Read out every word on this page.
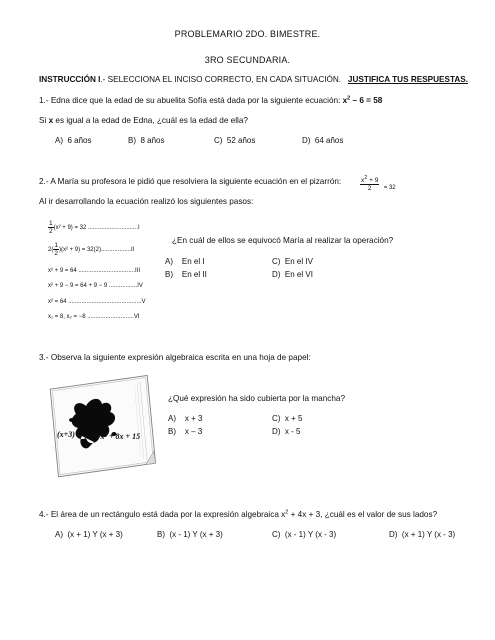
PROBLEMARIO 2DO. BIMESTRE.
3RO SECUNDARIA.
INSTRUCCIÓN I.- SELECCIONA EL INCISO CORRECTO, EN CADA SITUACIÓN. JUSTIFICA TUS RESPUESTAS.
1.- Edna dice que la edad de su abuelita Sofía está dada por la siguiente ecuación: $x^2 - 6 = 58$
Si x es igual a la edad de Edna, ¿cuál es la edad de ella?
A) 6 años	B) 8 años	C) 52 años	D) 64 años
2.- A María su profesora le pidió que resolviera la siguiente ecuación en el pizarrón:	$\frac{x^2 + 9}{2} = 32$
Al ir desarrollando la ecuación realizó los siguientes pasos:
$\frac{1}{2} (x^2 + 9) = 32$ ..............................I
$2( \frac{1}{2} )(x^2 + 9) = 32(2)..................II$
x² + 9 = 64 ..................................III
x² + 9 − 9 = 64 + 9 − 9 .................IV
x² = 64 ............................................V
x₁ = 8, x₂ = −8 ............................VI
¿En cuál de ellos se equivocó María al realizar la operación?
A) En el I
B) En el II
C) En el IV
D) En el VI
3.- Observa la siguiente expresión algebraica escrita en una hoja de papel:
(x+3) = x² + 8x + 15
¿Qué expresión ha sido cubierta por la mancha?
A) x + 3
B) x – 3
C) x + 5
D) x - 5
4.- El área de un rectángulo está dada por la expresión algebraica $x^2 + 4x + 3$, ¿cuál es el valor de sus lados?
A) (x + 1) Y (x + 3)	B) (x - 1) Y (x + 3)	C) (x - 1) Y (x - 3)	D) (x + 1) Y (x - 3)
